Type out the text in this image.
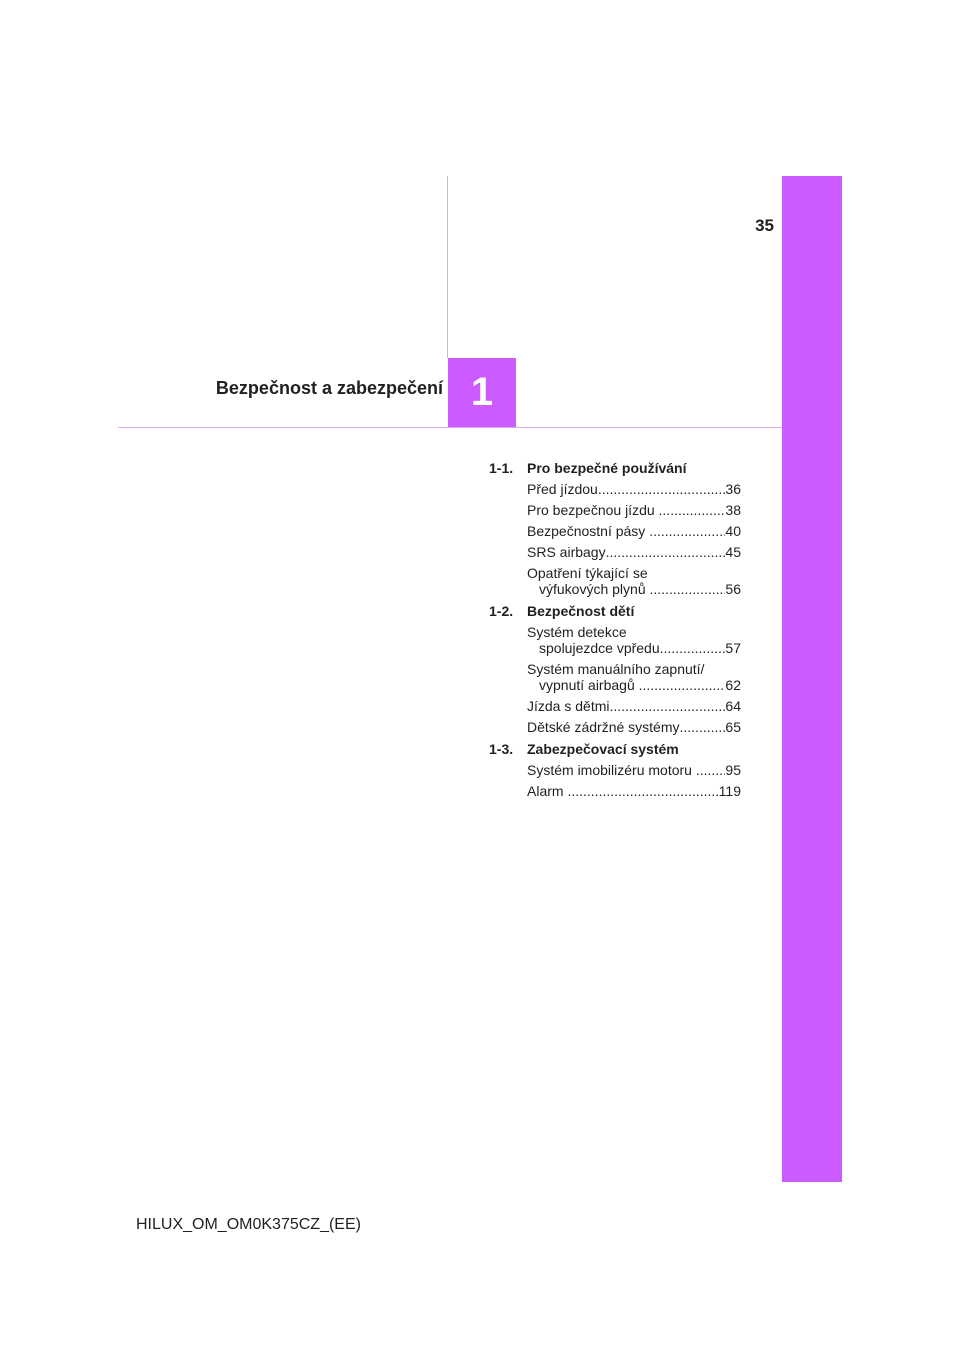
35
Bezpečnost a zabezpečení 1
1-1. Pro bezpečné používání
Před jízdou .....	36
Pro bezpečnou jízdu .....	38
Bezpečnostní pásy .....	40
SRS airbagy .....	45
Opatření týkající se
výfukových plynů .....	56
1-2. Bezpečnost dětí
Systém detekce
spolujezdce vpředu .....	57
Systém manuálního zapnutí/
vypnutí airbagů .....	62
Jízda s dětmi .....	64
Dětské zádržné systémy .....	65
1-3. Zabezpečovací systém
Systém imobilizéru motoru ..... 95
Alarm .....	119
HILUX_OM_OM0K375CZ_(EE)
